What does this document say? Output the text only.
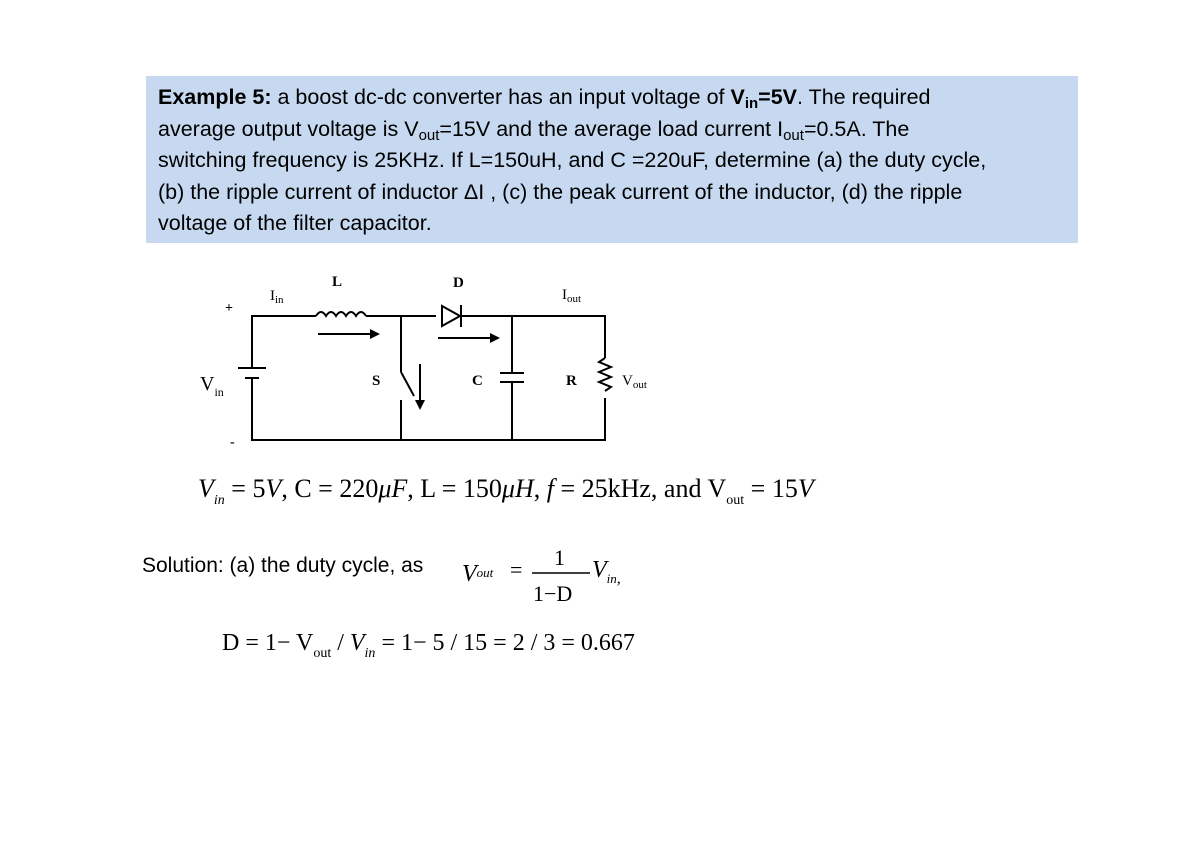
Example 5: a boost dc-dc converter has an input voltage of $V_{in}=5V$. The required
average output voltage is $V_{out}=15V$ and the average load current $I_{out}=0.5A$. The
switching frequency is 25KHz. If L=150uH, and C =220uF, determine (a) the duty cycle,
(b) the ripple current of inductor ΔI , (c) the peak current of the inductor, (d) the ripple
voltage of the filter capacitor.
+
-
$V_{in}$
$I_{in}$
L	D
$I_{out}$
S	C	R	$V_{out}$
$V_{in} = 5V$, C = 220μF, L = 150μH, f = 25kHz, and $V_{out} = 15V$
Solution: (a) the duty cycle, as Vout = 1
1−D
$V_{in}$,
$D = 1- V_{out} / V_{in} = 1- 5 / 15 = 2 / 3 = 0.667$
